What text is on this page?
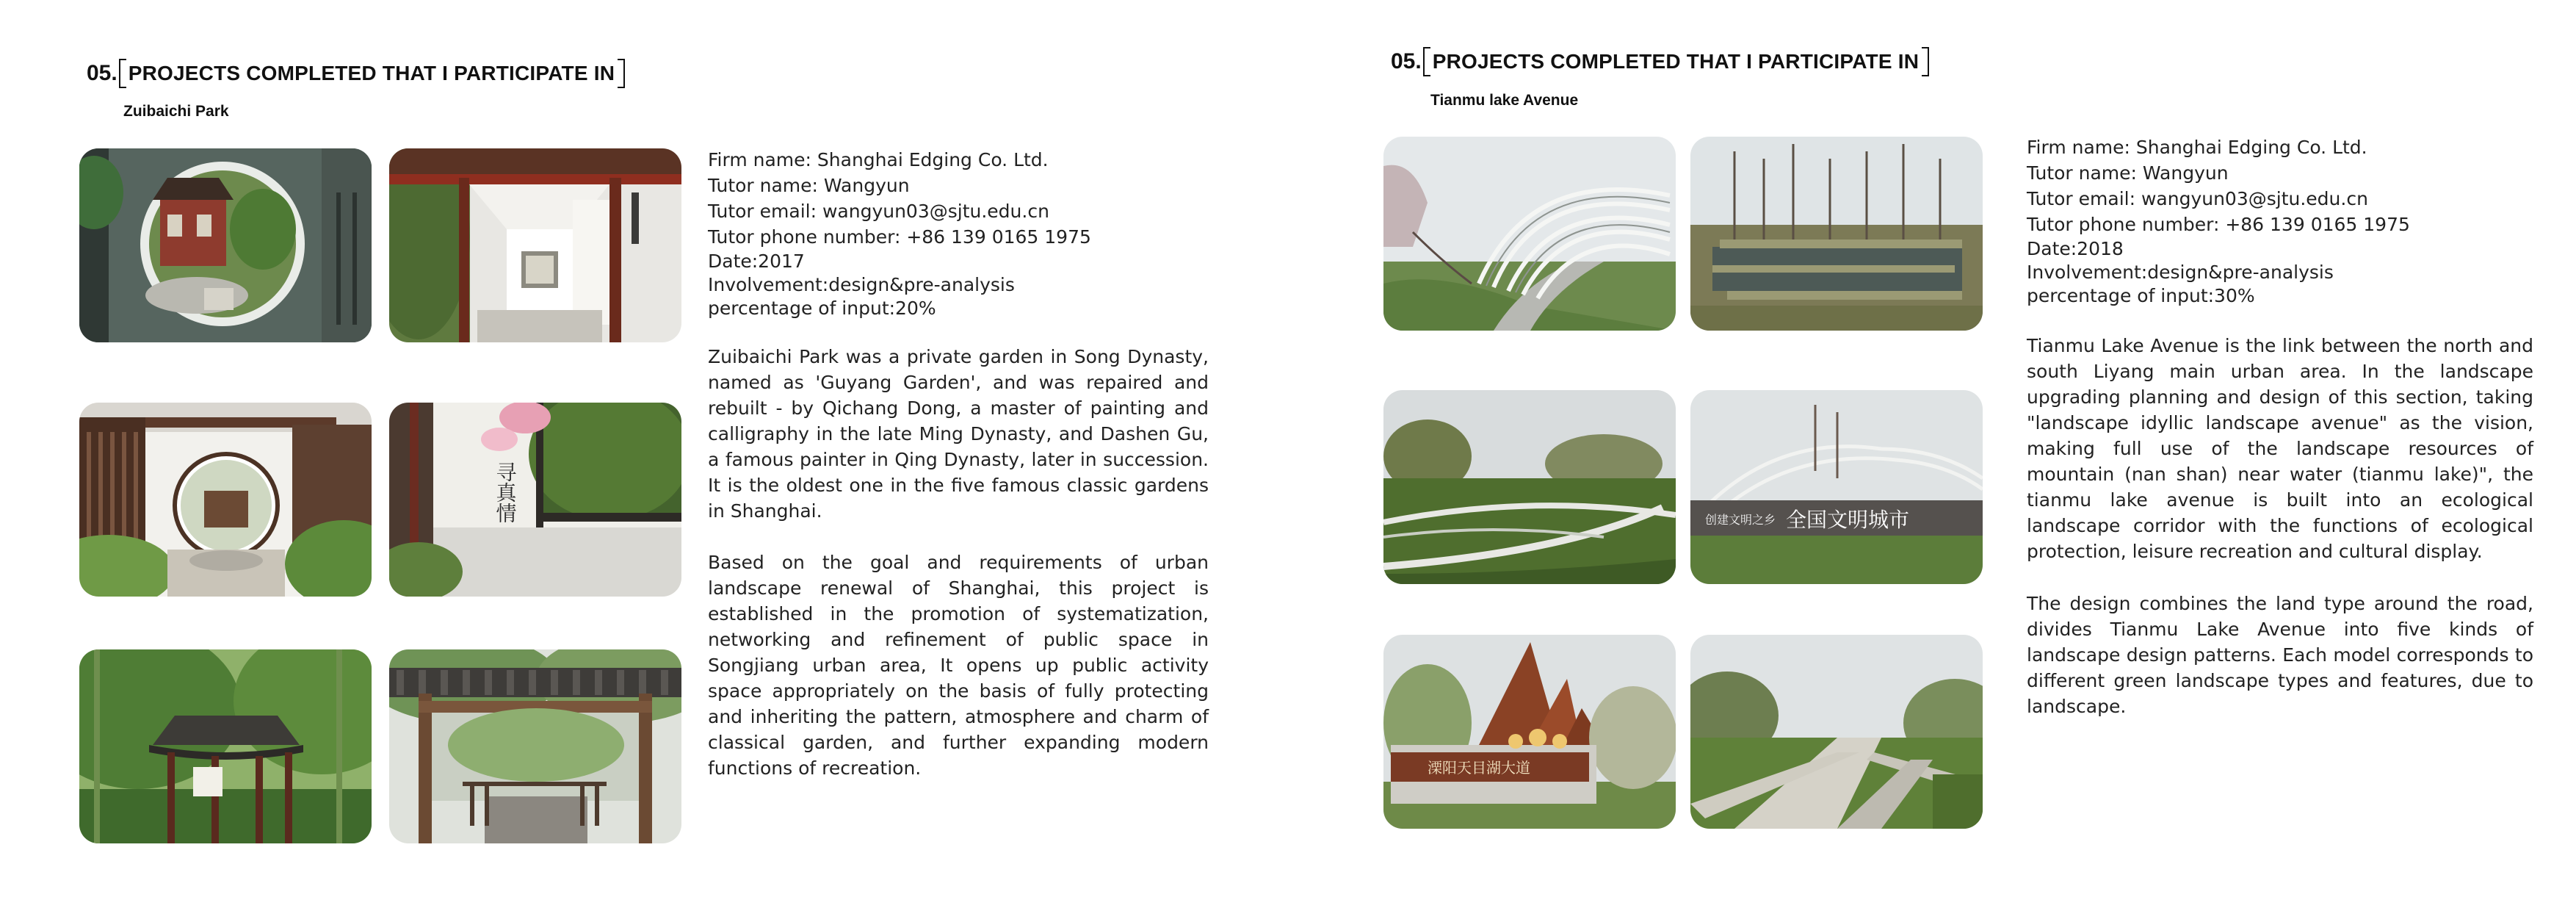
05. PROJECTS COMPLETED THAT I PARTICIPATE IN
Zuibaichi Park
寻真情
Firm name: Shanghai Edging Co. Ltd.
Tutor name: Wangyun
Tutor email: wangyun03@sjtu.edu.cn
Tutor phone number: +86 139 0165 1975
Date:2017
Involvement:design&pre-analysis
percentage of input:20%
Zuibaichi Park was a private garden in Song Dynasty, named as 'Guyang Garden', and was repaired and rebuilt - by Qichang Dong, a master of painting and calligraphy in the late Ming Dynasty, and Dashen Gu, a famous painter in Qing Dynasty, later in succession. It is the oldest one in the five famous classic gardens in Shanghai.
Based on the goal and requirements of urban landscape renewal of Shanghai, this project is established in the promotion of systematization, networking and refinement of public space in Songjiang urban area, It opens up public activity space appropriately on the basis of fully protecting and inheriting the pattern, atmosphere and charm of classical garden, and further expanding modern functions of recreation.
05. PROJECTS COMPLETED THAT I PARTICIPATE IN
Tianmu lake Avenue
全国文明城市
创建文明之乡
溧阳天目湖大道
Firm name: Shanghai Edging Co. Ltd.
Tutor name: Wangyun
Tutor email: wangyun03@sjtu.edu.cn
Tutor phone number: +86 139 0165 1975
Date:2018
Involvement:design&pre-analysis
percentage of input:30%
Tianmu Lake Avenue is the link between the north and south Liyang main urban area. In the landscape upgrading planning and design of this section, taking "landscape idyllic landscape avenue" as the vision, making full use of the landscape resources of mountain (nan shan) near water (tianmu lake)", the tianmu lake avenue is built into an ecological landscape corridor with the functions of ecological protection, leisure recreation and cultural display.
The design combines the land type around the road, divides Tianmu Lake Avenue into five kinds of landscape design patterns. Each model corresponds to different green landscape types and features, due to landscape.
